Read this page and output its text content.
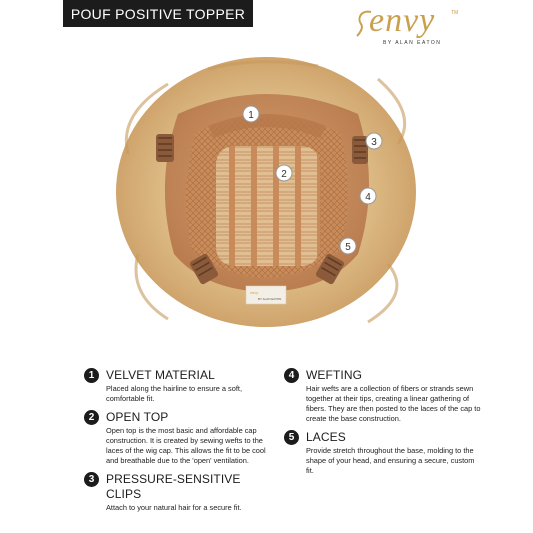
POUF POSITIVE TOPPER	envy	TM
BY ALAN EATON
envy
BY ALAN EATON
1
2
3
4
5
1 VELVET MATERIAL
Placed along the hairline to ensure a soft, comfortable fit.
2 OPEN TOP
Open top is the most basic and affordable cap construction. It is created by sewing wefts to the laces of the wig cap. This allows the fit to be cool and breathable due to the 'open' ventilation.
3 PRESSURE-SENSITIVE CLIPS
Attach to your natural hair for a secure fit.
4 WEFTING
Hair wefts are a collection of fibers or strands sewn together at their tips, creating a linear gathering of fibers. They are then posted to the laces of the cap to create the base construction.
5 LACES
Provide stretch throughout the base, molding to the shape of your head, and ensuring a secure, custom fit.
